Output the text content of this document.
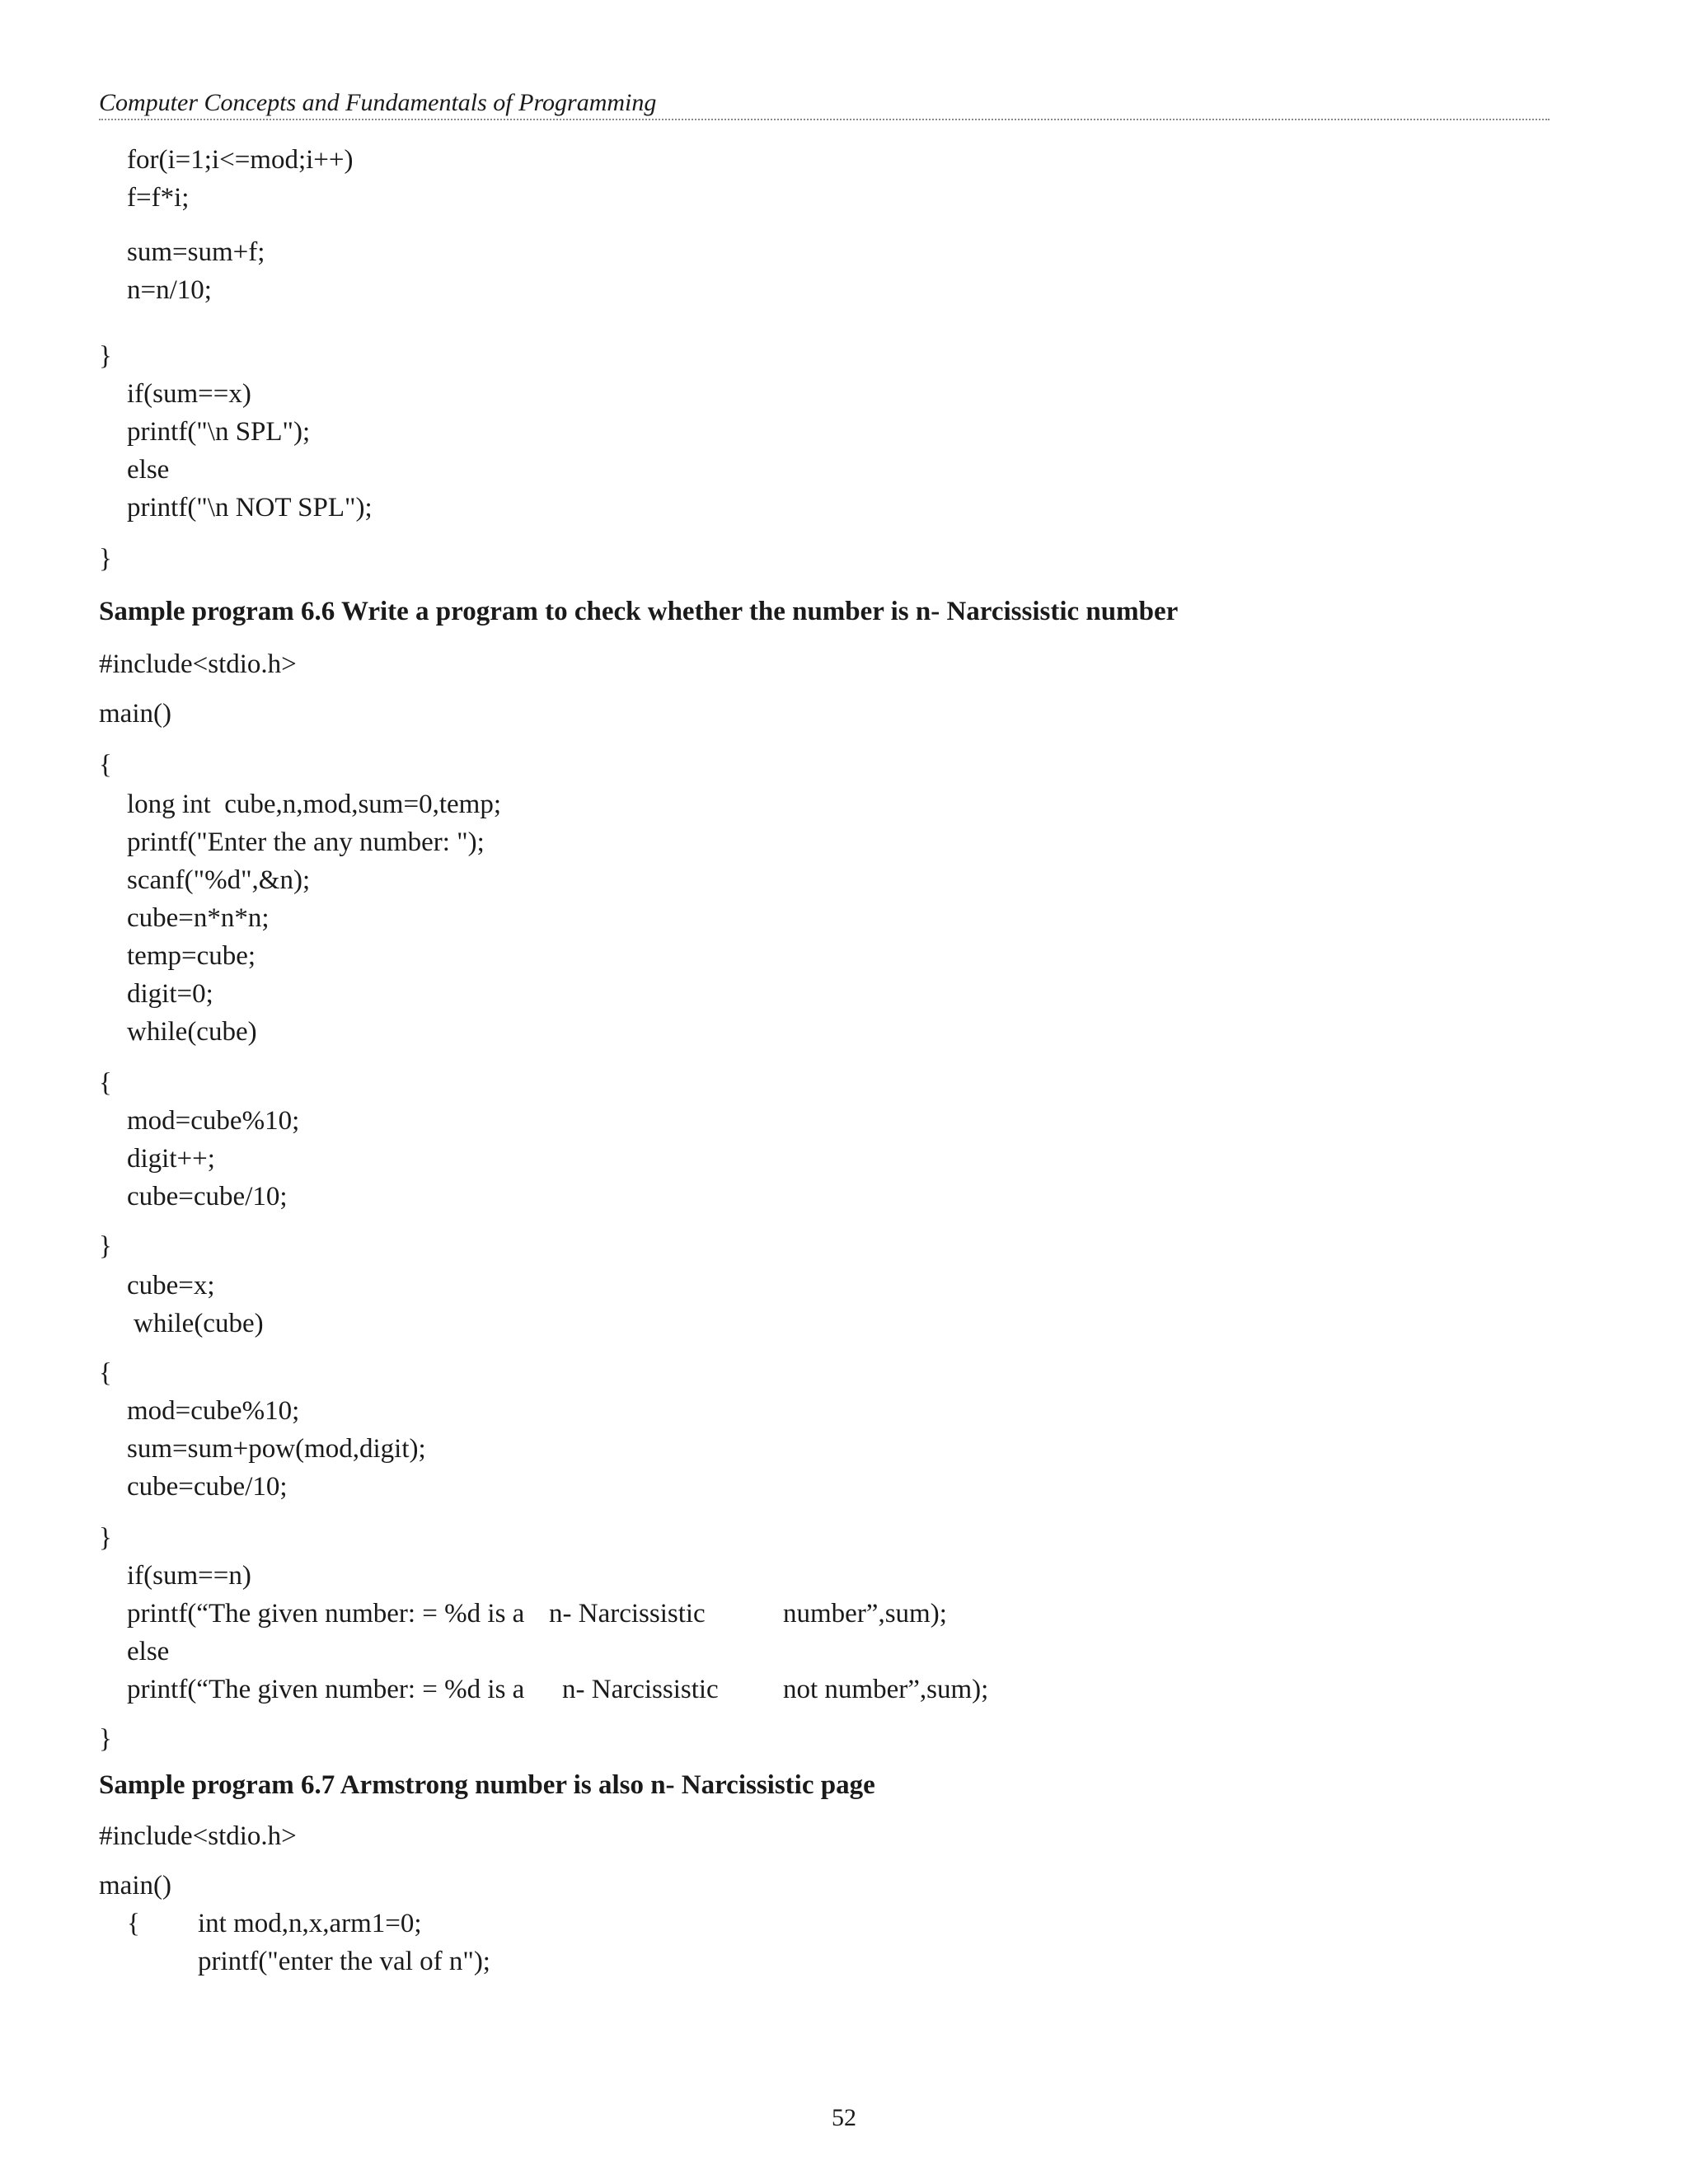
Computer Concepts and Fundamentals of Programming
for(i=1;i<=mod;i++)
f=f*i;
sum=sum+f;
n=n/10;
}
if(sum==x)
printf("\n SPL");
else
printf("\n NOT SPL");
}
Sample program 6.6 Write a program to check whether the number is n- Narcissistic number
#include<stdio.h>
main()
{
long int  cube,n,mod,sum=0,temp;
printf("Enter the any number: ");
scanf("%d",&n);
cube=n*n*n;
temp=cube;
digit=0;
while(cube)
{
mod=cube%10;
digit++;
cube=cube/10;
}
cube=x;
while(cube)
{
mod=cube%10;
sum=sum+pow(mod,digit);
cube=cube/10;
}
if(sum==n)
printf(“The given number: = %d is a n- Narcissistic	number”,sum);
else
printf(“The given number: = %d is a n- Narcissistic not number”,sum);
}
Sample program 6.7 Armstrong number is also n- Narcissistic page
#include<stdio.h>
main()
{ int mod,n,x,arm1=0;
printf("enter the val of n");
52
